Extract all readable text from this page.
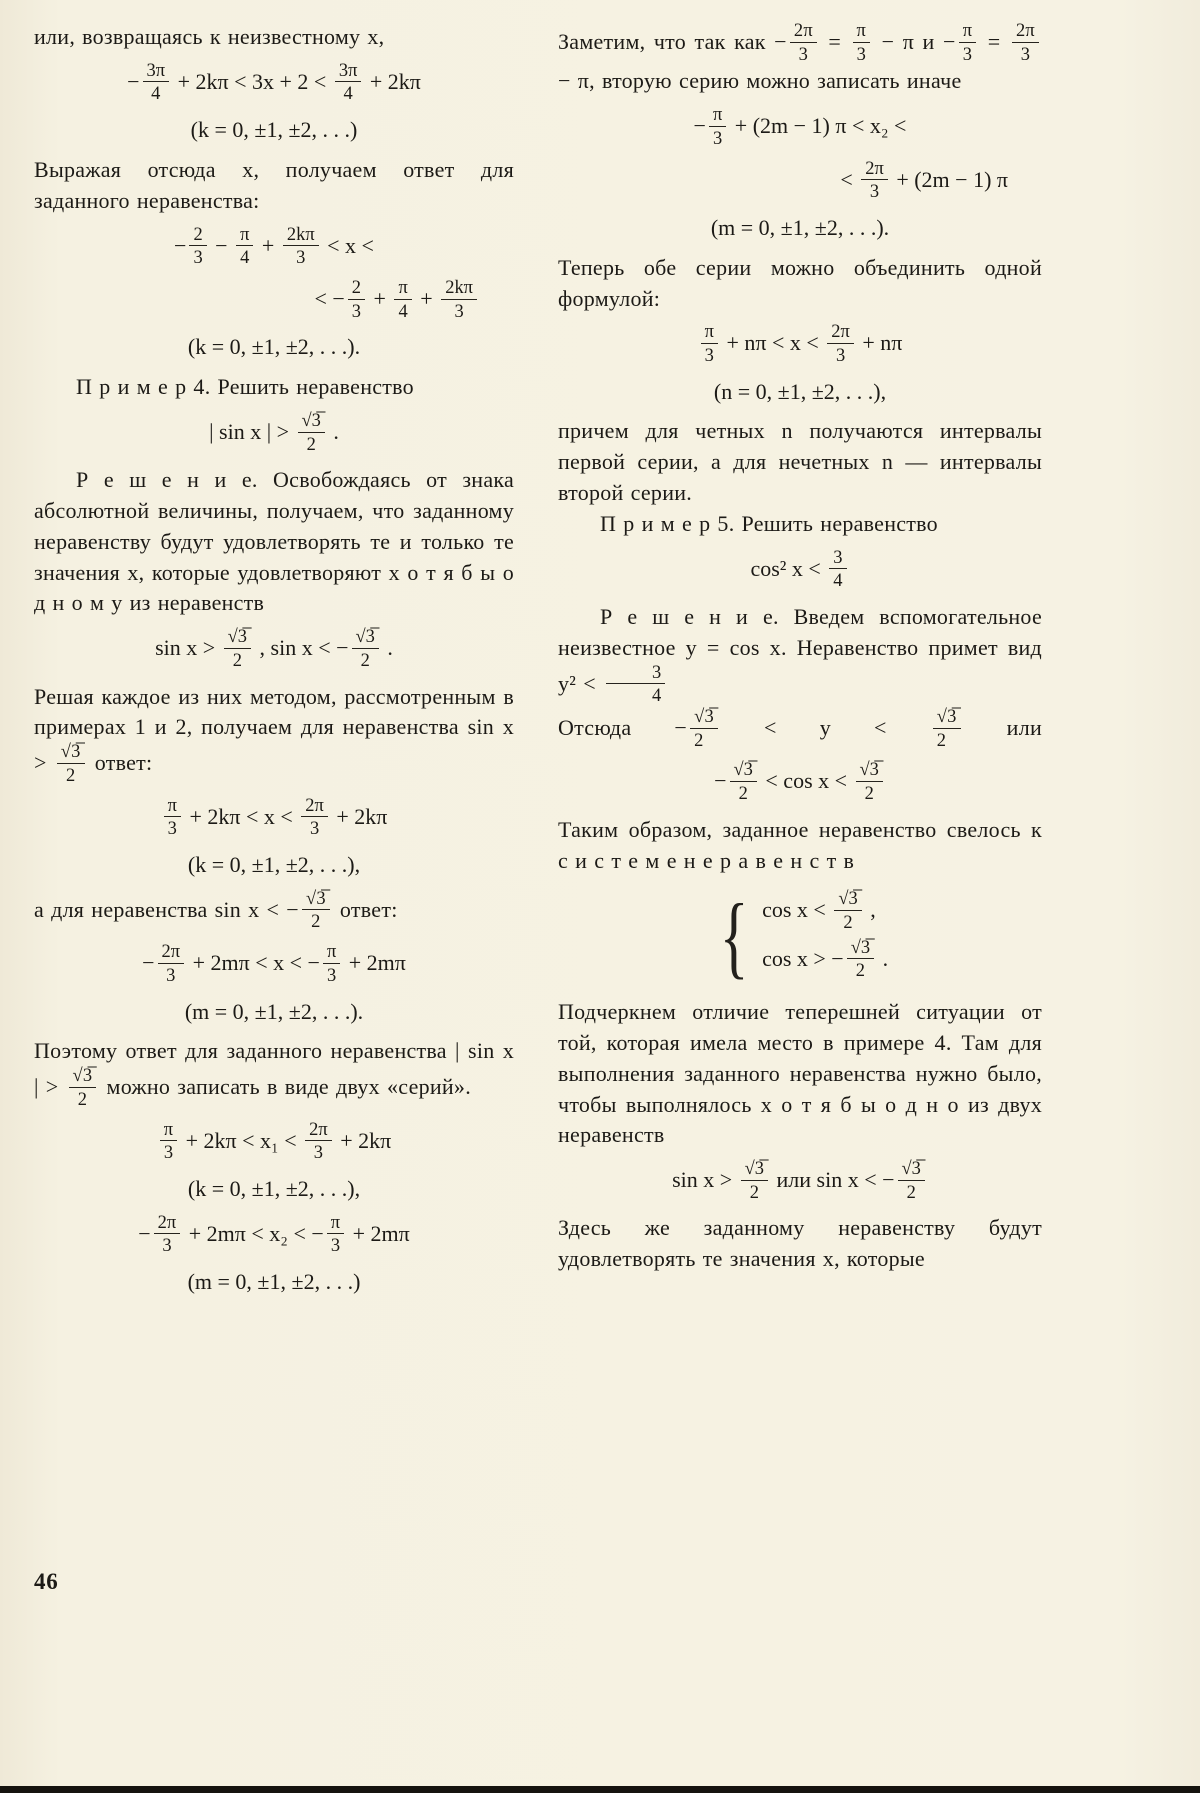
или, возвращаясь к неизвестному x,
− $\frac{3\pi}{4} + 2k\pi < 3x + 2 < \frac{3\pi}{4} + 2k\pi$
(k = 0, ±1, ±2, . . .)
Выражая отсюда x, получаем ответ для заданного неравенства:
− $\frac{2}{3} - \frac{\pi}{4} + \frac{2k\pi}{3} < x$ <
< − $\frac{2}{3} + \frac{\pi}{4} + \frac{2k\pi}{3}$
(k = 0, ±1, ±2, . . .).
П р и м е р 4. Решить неравенство
| sin x | > $\frac{√3̅}{2}$ .
Р е ш е н и е. Освобождаясь от знака абсолютной величины, получаем, что заданному неравенству будут удовлетворять те и только те значения x, которые удовлетворяют х о т я б ы о д н о м у из неравенств
$\sin x > \frac{√3̅}{2}$ , sin x < − $\frac{√3̅}{2}$ .
Решая каждое из них методом, рассмотренным в примерах 1 и 2, получаем для неравенства $\sin x > \frac{√3̅}{2}$ ответ:
$\frac{\pi}{3} + 2k\pi < x < \frac{2\pi}{3} + 2k\pi$
(k = 0, ±1, ±2, . . .),
а для неравенства sin x < − $\frac{√3̅}{2}$ ответ:
− $\frac{2\pi}{3} + 2m\pi < x$ < − $\frac{\pi}{3} + 2m\pi$
(m = 0, ±1, ±2, . . .).
Поэтому ответ для заданного неравенства | sin x | > $\frac{√3̅}{2}$ можно записать в виде двух «серий».
$\frac{\pi}{3} + 2k\pi < x_1 < \frac{2\pi}{3} + 2k\pi$
(k = 0, ±1, ±2, . . .),
− $\frac{2\pi}{3} + 2m\pi < x_2$ < − $\frac{\pi}{3} + 2m\pi$
(m = 0, ±1, ±2, . . .)
Заметим, что так как − $\frac{2\pi}{3} = \frac{\pi}{3} - \pi$ $и - \frac{\pi}{3} = \frac{2\pi}{3}$
− π, вторую серию можно записать иначе
− $\frac{\pi}{3} + (2m - 1) \pi < x_2$ <
< $\frac{2\pi}{3} + (2m - 1)$ π
(m = 0, ±1, ±2, . . .).
Теперь обе серии можно объединить одной формулой:
$\frac{\pi}{3} + n\pi < x < \frac{2\pi}{3} + n\pi$
(n = 0, ±1, ±2, . . .),
причем для четных n получаются интервалы первой серии, а для нечетных n — интервалы второй серии.
П р и м е р 5. Решить неравенство
cos² $x < \frac{3}{4}$
Р е ш е н и е. Введем вспомогательное неизвестное y = cos x. Неравенство примет вид $y^2 < \frac{3}{4}$
Отсюда − $\frac{√3̅}{2} < y < \frac{√3̅}{2}$ или
− $\frac{√3̅}{2} < \cos x < \frac{√3̅}{2}$
Таким образом, заданное неравенство свелось к с и с т е м е н е р а в е н с т в
{ $\cos x < \frac{√3̅}{2}$ ,
cos x > − $\frac{√3̅}{2}$ .
Подчеркнем отличие теперешней ситуации от той, которая имела место в примере 4. Там для выполнения заданного неравенства нужно было, чтобы выполнялось х о т я б ы о д н о из двух неравенств
$\sin x > \frac{√3̅}{2}$ или sin x < − $\frac{√3̅}{2}$
Здесь же заданному неравенству будут удовлетворять те значения x, которые
46
